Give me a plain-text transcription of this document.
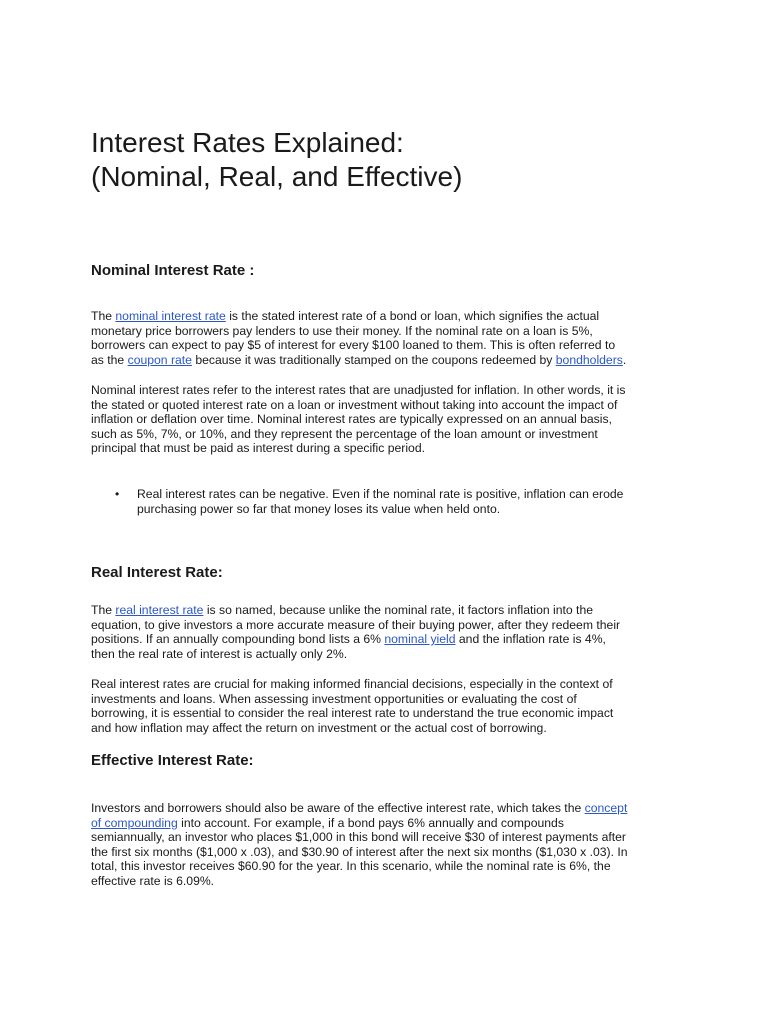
Interest Rates Explained:
(Nominal, Real, and Effective)
Nominal Interest Rate :

The nominal interest rate is the stated interest rate of a bond or loan, which signifies the actual
monetary price borrowers pay lenders to use their money. If the nominal rate on a loan is 5%,
borrowers can expect to pay $5 of interest for every $100 loaned to them. This is often referred to
as the coupon rate because it was traditionally stamped on the coupons redeemed by bondholders.

Nominal interest rates refer to the interest rates that are unadjusted for inflation. In other words, it is
the stated or quoted interest rate on a loan or investment without taking into account the impact of
inflation or deflation over time. Nominal interest rates are typically expressed on an annual basis,
such as 5%, 7%, or 10%, and they represent the percentage of the loan amount or investment
principal that must be paid as interest during a specific period.

• Real interest rates can be negative. Even if the nominal rate is positive, inflation can erode
purchasing power so far that money loses its value when held onto.
Real Interest Rate:

The real interest rate is so named, because unlike the nominal rate, it factors inflation into the
equation, to give investors a more accurate measure of their buying power, after they redeem their
positions. If an annually compounding bond lists a 6% nominal yield and the inflation rate is 4%,
then the real rate of interest is actually only 2%.

Real interest rates are crucial for making informed financial decisions, especially in the context of
investments and loans. When assessing investment opportunities or evaluating the cost of
borrowing, it is essential to consider the real interest rate to understand the true economic impact
and how inflation may affect the return on investment or the actual cost of borrowing.

Effective Interest Rate:

Investors and borrowers should also be aware of the effective interest rate, which takes the concept
of compounding into account. For example, if a bond pays 6% annually and compounds
semiannually, an investor who places $1,000 in this bond will receive $30 of interest payments after
the first six months ($1,000 x .03), and $30.90 of interest after the next six months ($1,030 x .03). In
total, this investor receives $60.90 for the year. In this scenario, while the nominal rate is 6%, the
effective rate is 6.09%.
